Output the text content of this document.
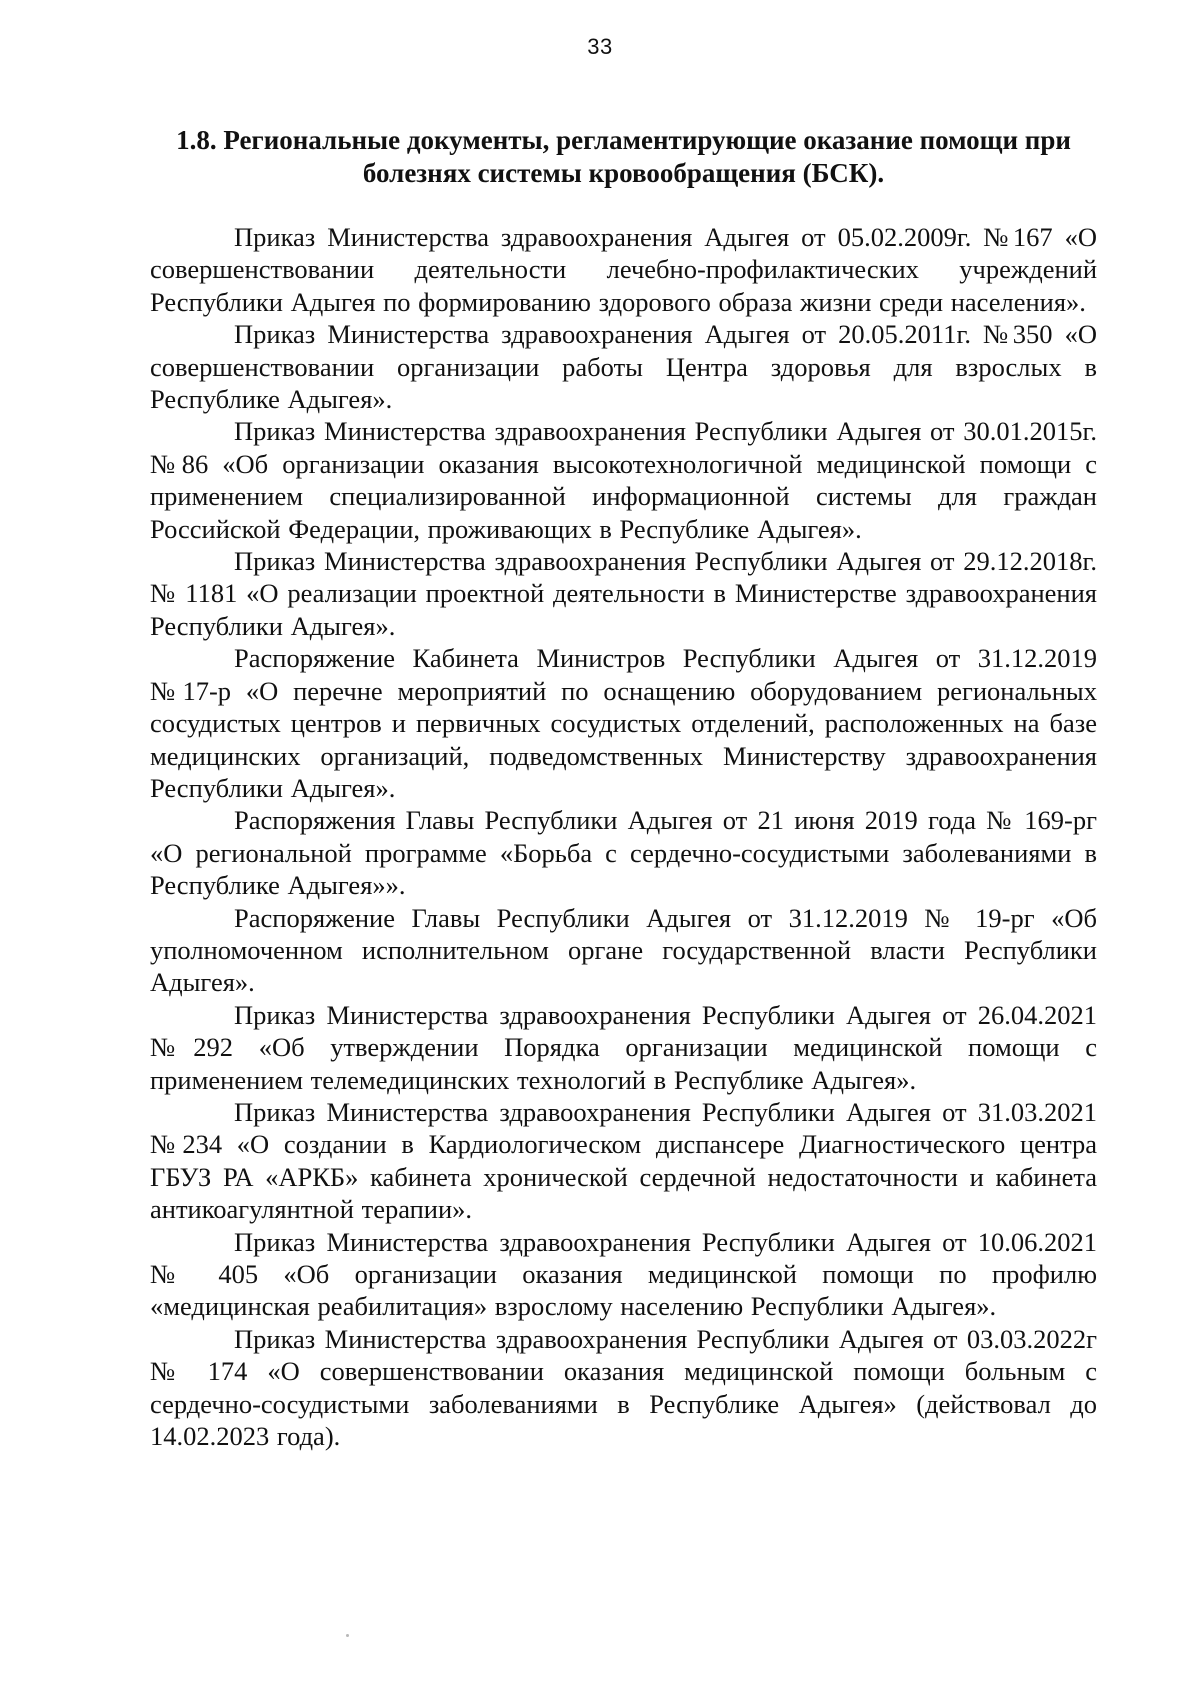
33
1.8. Региональные документы, регламентирующие оказание помощи при болезнях системы кровообращения (БСК).

Приказ Министерства здравоохранения Адыгея от 05.02.2009г. №167 «О совершенствовании деятельности лечебно-профилактических учреждений Республики Адыгея по формированию здорового образа жизни среди населения».

Приказ Министерства здравоохранения Адыгея от 20.05.2011г. №350 «О совершенствовании организации работы Центра здоровья для взрослых в Республике Адыгея».

Приказ Министерства здравоохранения Республики Адыгея от 30.01.2015г. №86 «Об организации оказания высокотехнологичной медицинской помощи с применением специализированной информационной системы для граждан Российской Федерации, проживающих в Республике Адыгея».

Приказ Министерства здравоохранения Республики Адыгея от 29.12.2018г. № 1181 «О реализации проектной деятельности в Министерстве здравоохранения Республики Адыгея».

Распоряжение Кабинета Министров Республики Адыгея от 31.12.2019 №17-р «О перечне мероприятий по оснащению оборудованием региональных сосудистых центров и первичных сосудистых отделений, расположенных на базе медицинских организаций, подведомственных Министерству здравоохранения Республики Адыгея».

Распоряжения Главы Республики Адыгея от 21 июня 2019 года № 169-рг «О региональной программе «Борьба с сердечно-сосудистыми заболеваниями в Республике Адыгея»».

Распоряжение Главы Республики Адыгея от 31.12.2019 № 19-рг «Об уполномоченном исполнительном органе государственной власти Республики Адыгея».

Приказ Министерства здравоохранения Республики Адыгея от 26.04.2021 №292 «Об утверждении Порядка организации медицинской помощи с применением телемедицинских технологий в Республике Адыгея».

Приказ Министерства здравоохранения Республики Адыгея от 31.03.2021 №234 «О создании в Кардиологическом диспансере Диагностического центра ГБУЗ РА «АРКБ» кабинета хронической сердечной недостаточности и кабинета антикоагулянтной терапии».

Приказ Министерства здравоохранения Республики Адыгея от 10.06.2021 № 405 «Об организации оказания медицинской помощи по профилю «медицинская реабилитация» взрослому населению Республики Адыгея».

Приказ Министерства здравоохранения Республики Адыгея от 03.03.2022г № 174 «О совершенствовании оказания медицинской помощи больным с сердечно-сосудистыми заболеваниями в Республике Адыгея» (действовал до 14.02.2023 года).
